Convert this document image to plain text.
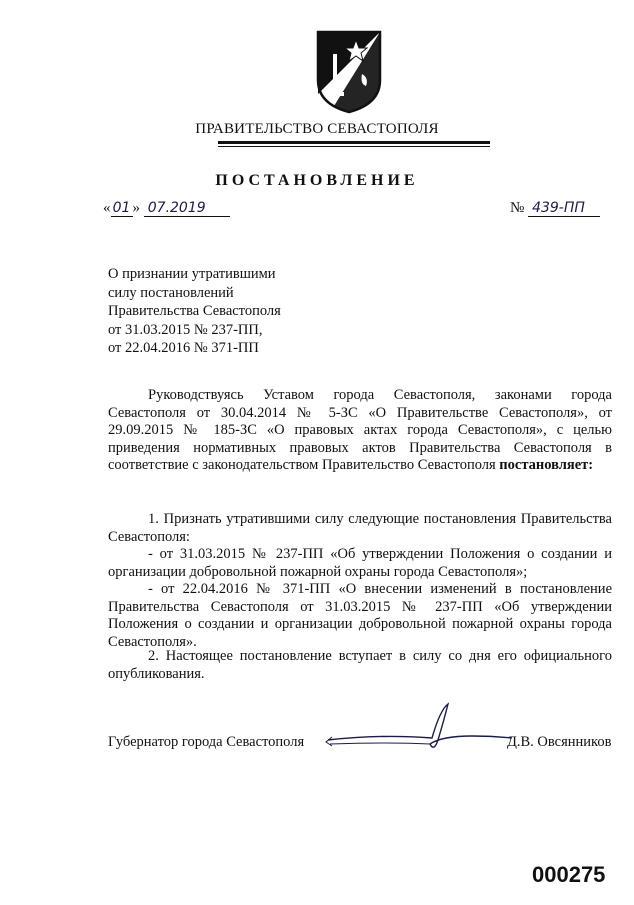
ПРАВИТЕЛЬСТВО СЕВАСТОПОЛЯ
ПОСТАНОВЛЕНИЕ
« 01 » 07.2019	№ 439-ПП
О признании утратившими
силу постановлений
Правительства Севастополя
от 31.03.2015 № 237-ПП,
от 22.04.2016 № 371-ПП
Руководствуясь Уставом города Севастополя, законами города Севастополя от 30.04.2014 № 5-ЗС «О Правительстве Севастополя», от 29.09.2015 № 185-ЗС «О правовых актах города Севастополя», с целью приведения нормативных правовых актов Правительства Севастополя в соответствие с законодательством Правительство Севастополя постановляет:

1. Признать утратившими силу следующие постановления Правительства Севастополя:

- от 31.03.2015 № 237-ПП «Об утверждении Положения о создании и организации добровольной пожарной охраны города Севастополя»;

- от 22.04.2016 № 371-ПП «О внесении изменений в постановление Правительства Севастополя от 31.03.2015 № 237-ПП «Об утверждении Положения о создании и организации добровольной пожарной охраны города Севастополя».

2. Настоящее постановление вступает в силу со дня его официального опубликования.
Губернатор города Севастополя	Д.В. Овсянников
000275
